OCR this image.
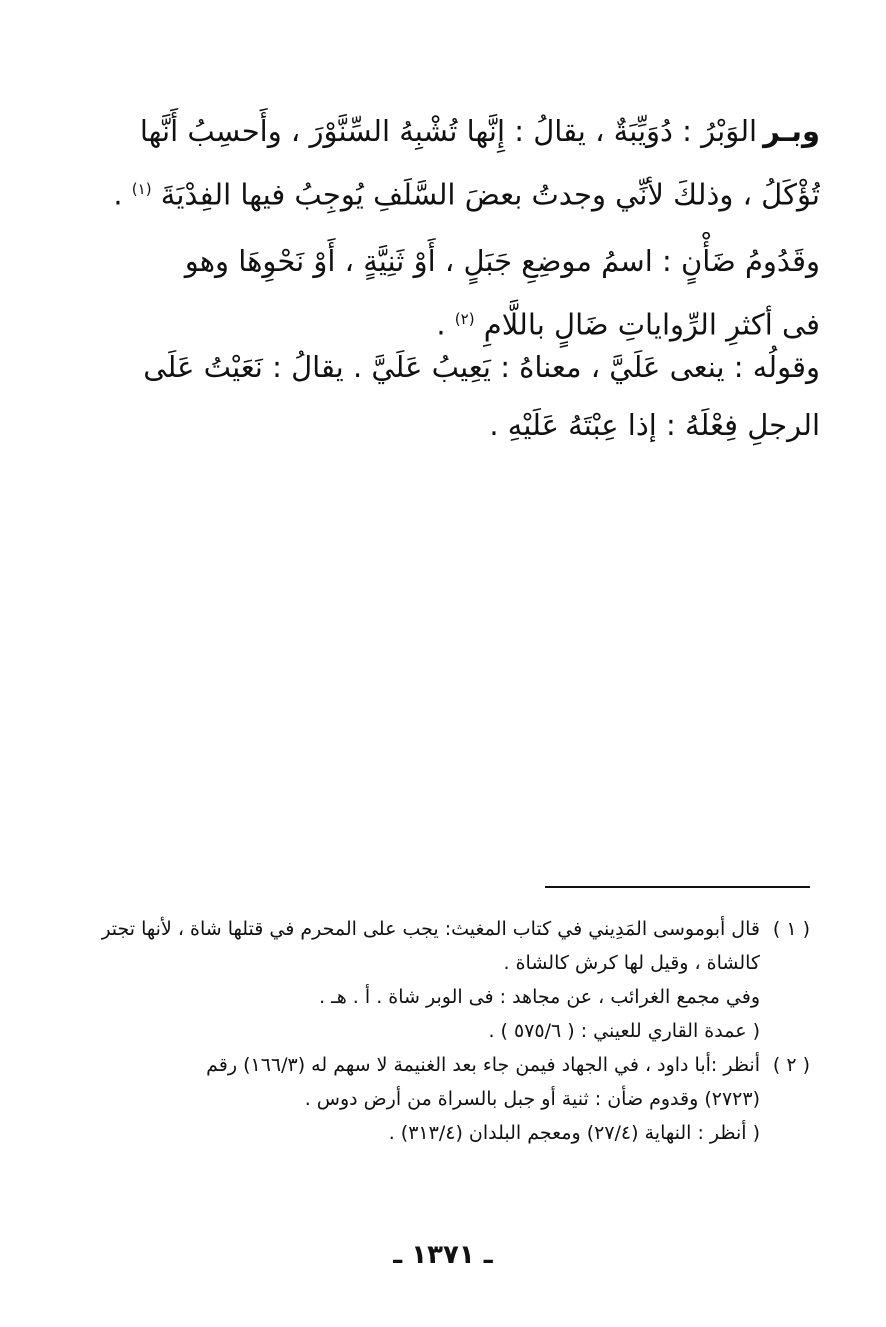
وبـرالوَبْرُ : دُوَيِّبَةٌ ، يقالُ : إِنَّها تُشْبِهُ السِّنَّوْرَ ، وأَحسِبُ أَنَّها
تُؤْكَلُ ، وذلكَ لأنِّي وجدتُ بعضَ السَّلَفِ يُوجِبُ فيها الفِدْيَةَ $^{(١)}$ .
وقَدُومُ ضَأْنٍ : اسمُ موضِعِ جَبَلٍ ، أَوْ ثَنِيَّةٍ ، أَوْ نَحْوِهَا وهو
فى أكثرِ الرِّواياتِ ضَالٍ باللَّامِ $^{(٢)}$ .
وقولُه : ينعى عَلَيَّ ، معناهُ : يَعِيبُ عَلَيَّ . يقالُ : نَعَيْتُ عَلَى
الرجلِ فِعْلَهُ : إذا عِبْتَهُ عَلَيْهِ .
( ١ )
قال أبوموسى المَدِيني في كتاب المغيث: يجب على المحرم في قتلها شاة ، لأنها تجتر
كالشاة ، وقيل لها كرش كالشاة .
وفي مجمع الغرائب ، عن مجاهد : فى الوبر شاة . أ . هـ .
( عمدة القاري للعيني : ( ٥٧٥/٦ ) .
( ٢ )
أنظر :أبا داود ، في الجهاد فيمن جاء بعد الغنيمة لا سهم له (١٦٦/٣) رقم
(٢٧٢٣) وقدوم ضأن : ثنية أو جبل بالسراة من أرض دوس .
( أنظر : النهاية (٢٧/٤) ومعجم البلدان (٣١٣/٤) .
ـ ١٣٧١ ـ
